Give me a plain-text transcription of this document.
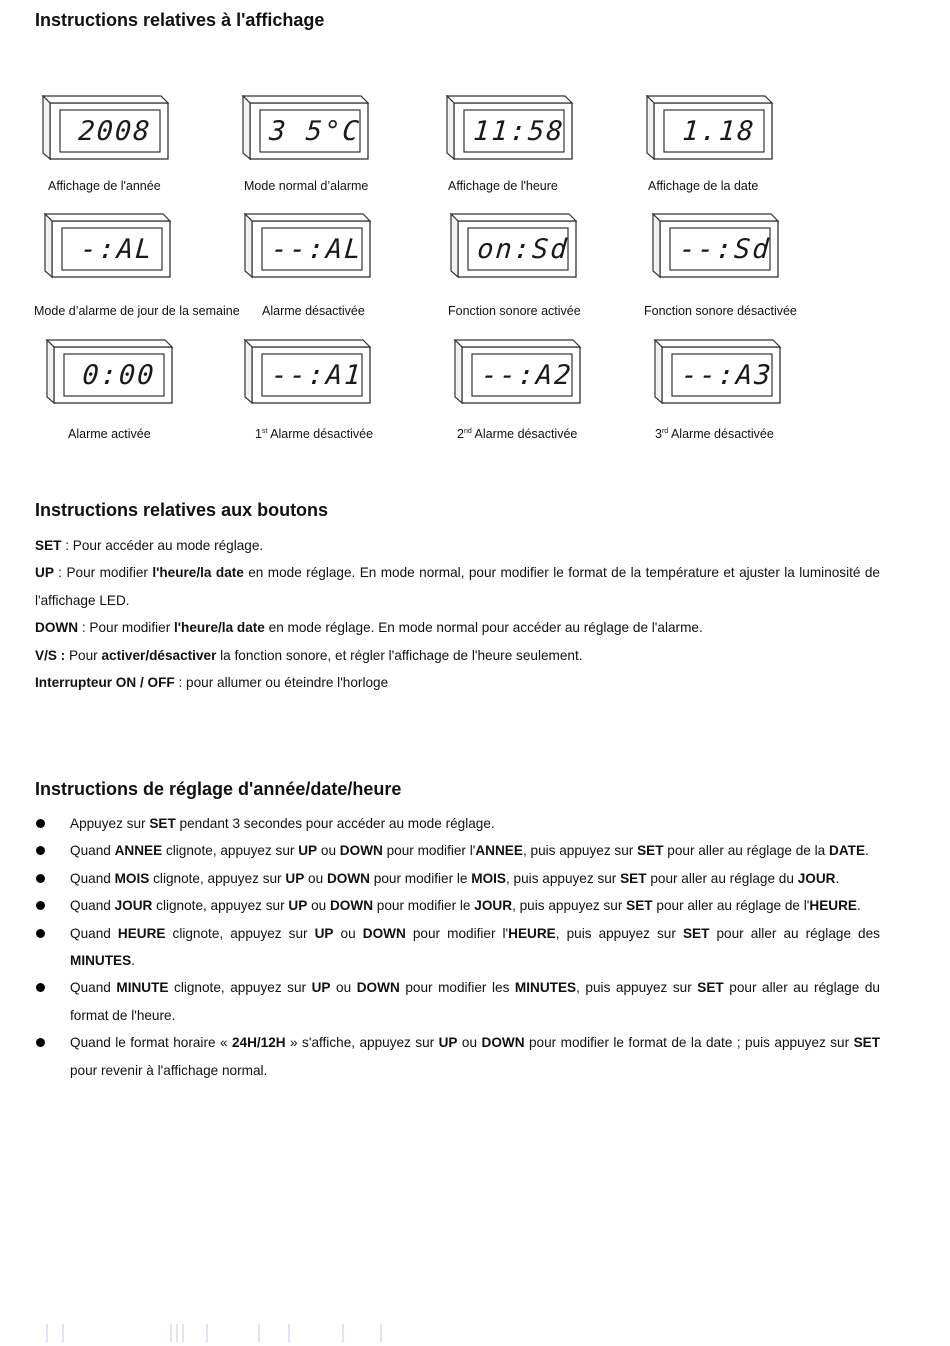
Instructions relatives à l'affichage
2008
Affichage de l'année
3 5°C
Mode normal d’alarme
11:58
Affichage de l'heure
1.18
Affichage de la date
-:AL
Mode d’alarme de jour de la semaine
--:AL
Alarme désactivée
on:Sd
Fonction sonore activée
--:Sd
Fonction sonore désactivée
0:00
Alarme activée
--:A1
1st Alarme désactivée
--:A2
2nd Alarme désactivée
--:A3
3rd Alarme désactivée
Instructions relatives aux boutons

SET : Pour accéder au mode réglage.

UP : Pour modifier l'heure/la date en mode réglage. En mode normal, pour modifier le format de la température et ajuster la luminosité de l'affichage LED.

DOWN : Pour modifier l'heure/la date en mode réglage. En mode normal pour accéder au réglage de l'alarme.

V/S : Pour activer/désactiver la fonction sonore, et régler l'affichage de l'heure seulement.

Interrupteur ON / OFF : pour allumer ou éteindre l'horloge

Instructions de réglage d'année/date/heure
Appuyez sur SET pendant 3 secondes pour accéder au mode réglage.
Quand ANNEE clignote, appuyez sur UP ou DOWN pour modifier l'ANNEE, puis appuyez sur SET pour aller au réglage de la DATE.
Quand MOIS clignote, appuyez sur UP ou DOWN pour modifier le MOIS, puis appuyez sur SET pour aller au réglage du JOUR.
Quand JOUR clignote, appuyez sur UP ou DOWN pour modifier le JOUR, puis appuyez sur SET pour aller au réglage de l'HEURE.
Quand HEURE clignote, appuyez sur UP ou DOWN pour modifier l'HEURE, puis appuyez sur SET pour aller au réglage des MINUTES.
Quand MINUTE clignote, appuyez sur UP ou DOWN pour modifier les MINUTES, puis appuyez sur SET pour aller au réglage du format de l'heure.
Quand le format horaire « 24H/12H » s'affiche, appuyez sur UP ou DOWN pour modifier le format de la date ; puis appuyez sur SET pour revenir à l'affichage normal.
